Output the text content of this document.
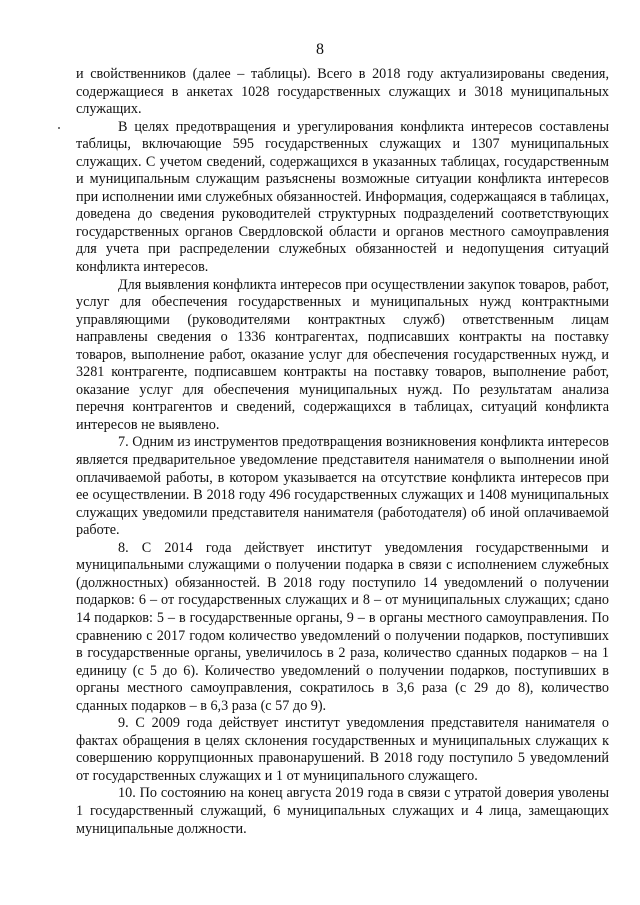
8

и свойственников (далее – таблицы). Всего в 2018 году актуализированы сведения, содержащиеся в анкетах 1028 государственных служащих и 3018 муниципальных служащих.

В целях предотвращения и урегулирования конфликта интересов составлены таблицы, включающие 595 государственных служащих и 1307 муниципальных служащих. С учетом сведений, содержащихся в указанных таблицах, государственным и муниципальным служащим разъяснены возможные ситуации конфликта интересов при исполнении ими служебных обязанностей. Информация, содержащаяся в таблицах, доведена до сведения руководителей структурных подразделений соответствующих государственных органов Свердловской области и органов местного самоуправления для учета при распределении служебных обязанностей и недопущения ситуаций конфликта интересов.

Для выявления конфликта интересов при осуществлении закупок товаров, работ, услуг для обеспечения государственных и муниципальных нужд контрактными управляющими (руководителями контрактных служб) ответственным лицам направлены сведения о 1336 контрагентах, подписавших контракты на поставку товаров, выполнение работ, оказание услуг для обеспечения государственных нужд, и 3281 контрагенте, подписавшем контракты на поставку товаров, выполнение работ, оказание услуг для обеспечения муниципальных нужд. По результатам анализа перечня контрагентов и сведений, содержащихся в таблицах, ситуаций конфликта интересов не выявлено.

7. Одним из инструментов предотвращения возникновения конфликта интересов является предварительное уведомление представителя нанимателя о выполнении иной оплачиваемой работы, в котором указывается на отсутствие конфликта интересов при ее осуществлении. В 2018 году 496 государственных служащих и 1408 муниципальных служащих уведомили представителя нанимателя (работодателя) об иной оплачиваемой работе.

8. С 2014 года действует институт уведомления государственными и муниципальными служащими о получении подарка в связи с исполнением служебных (должностных) обязанностей. В 2018 году поступило 14 уведомлений о получении подарков: 6 – от государственных служащих и 8 – от муниципальных служащих; сдано 14 подарков: 5 – в государственные органы, 9 – в органы местного самоуправления. По сравнению с 2017 годом количество уведомлений о получении подарков, поступивших в государственные органы, увеличилось в 2 раза, количество сданных подарков – на 1 единицу (с 5 до 6). Количество уведомлений о получении подарков, поступивших в органы местного самоуправления, сократилось в 3,6 раза (с 29 до 8), количество сданных подарков – в 6,3 раза (с 57 до 9).

9. С 2009 года действует институт уведомления представителя нанимателя о фактах обращения в целях склонения государственных и муниципальных служащих к совершению коррупционных правонарушений. В 2018 году поступило 5 уведомлений от государственных служащих и 1 от муниципального служащего.

10. По состоянию на конец августа 2019 года в связи с утратой доверия уволены 1 государственный служащий, 6 муниципальных служащих и 4 лица, замещающих муниципальные должности.
